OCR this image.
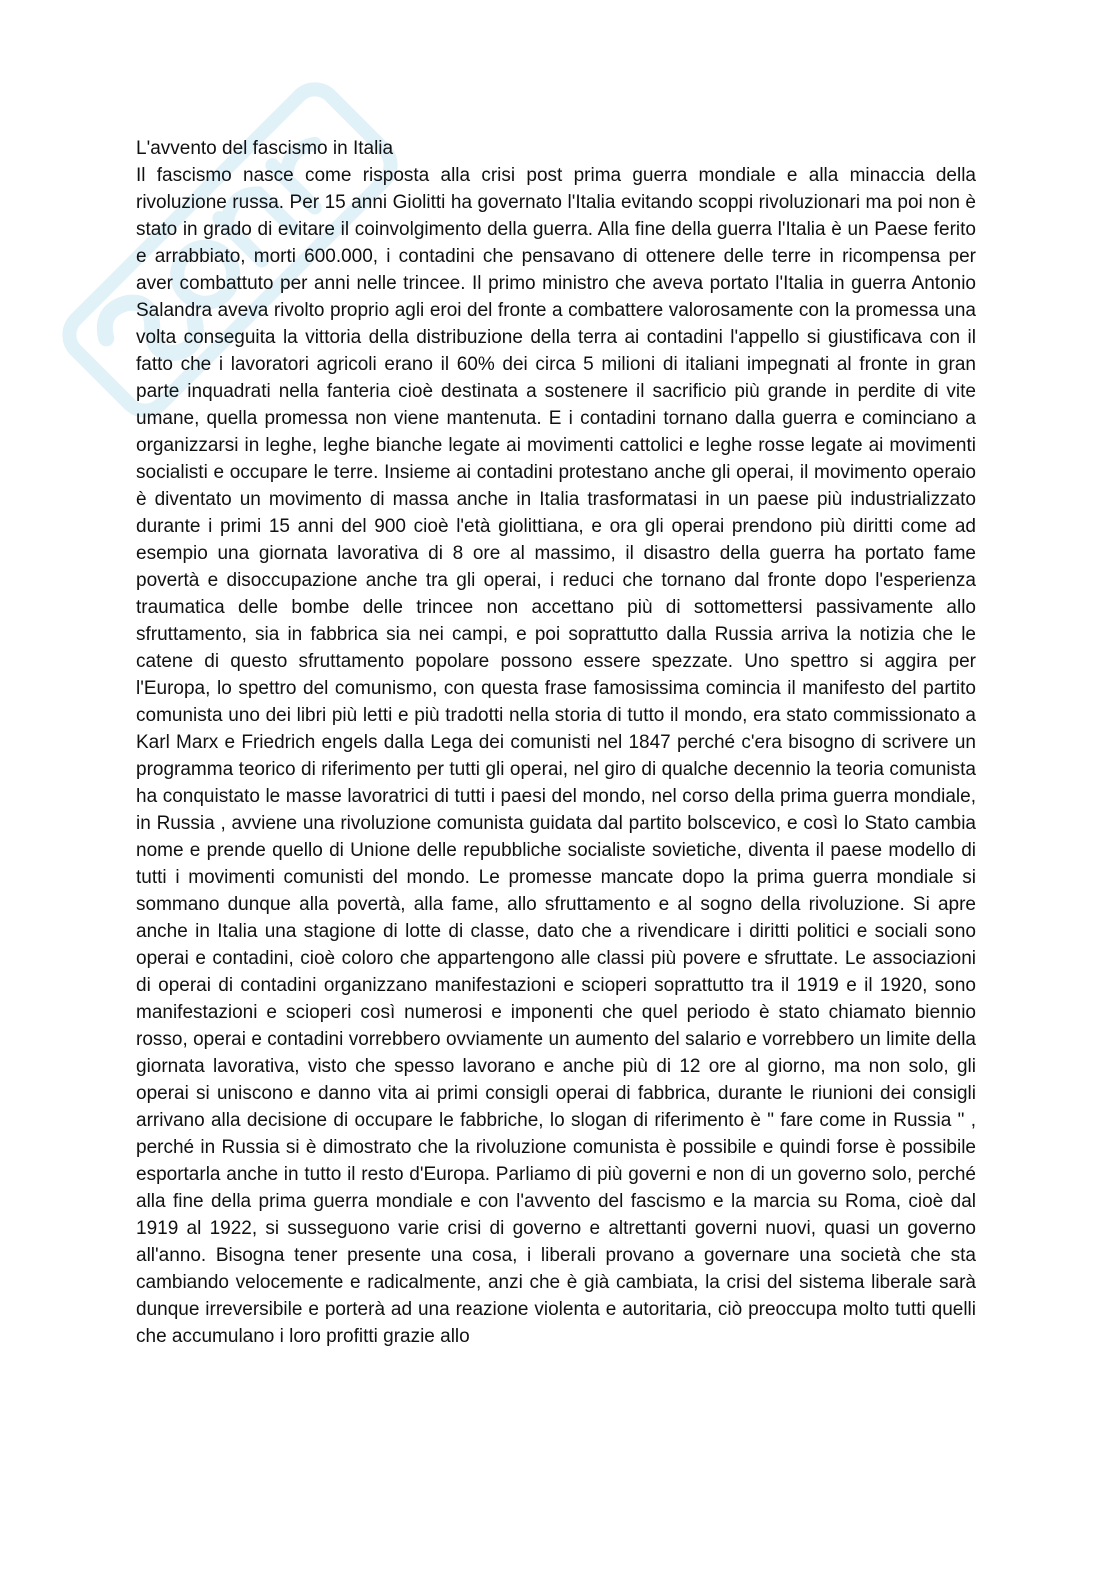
L'avvento del fascismo in Italia

Il fascismo nasce come risposta alla crisi post prima guerra mondiale e alla minaccia della rivoluzione russa. Per 15 anni Giolitti ha governato l'Italia evitando scoppi rivoluzionari ma poi non è stato in grado di evitare il coinvolgimento della guerra. Alla fine della guerra l'Italia è un Paese ferito e arrabbiato, morti 600.000, i contadini che pensavano di ottenere delle terre in ricompensa per aver combattuto per anni nelle trincee. Il primo ministro che aveva portato l'Italia in guerra Antonio Salandra aveva rivolto proprio agli eroi del fronte a combattere valorosamente con la promessa una volta conseguita la vittoria della distribuzione della terra ai contadini l'appello si giustificava con il fatto che i lavoratori agricoli erano il 60% dei circa 5 milioni di italiani impegnati al fronte in gran parte inquadrati nella fanteria cioè destinata a sostenere il sacrificio più grande in perdite di vite umane, quella promessa non viene mantenuta. E i contadini tornano dalla guerra e cominciano a organizzarsi in leghe, leghe bianche legate ai movimenti cattolici e leghe rosse legate ai movimenti socialisti e occupare le terre. Insieme ai contadini protestano anche gli operai, il movimento operaio è diventato un movimento di massa anche in Italia trasformatasi in un paese più industrializzato durante i primi 15 anni del 900 cioè l'età giolittiana, e ora gli operai prendono più diritti come ad esempio una giornata lavorativa di 8 ore al massimo, il disastro della guerra ha portato fame povertà e disoccupazione anche tra gli operai, i reduci che tornano dal fronte dopo l'esperienza traumatica delle bombe delle trincee non accettano più di sottomettersi passivamente allo sfruttamento, sia in fabbrica sia nei campi, e poi soprattutto dalla Russia arriva la notizia che le catene di questo sfruttamento popolare possono essere spezzate. Uno spettro si aggira per l'Europa, lo spettro del comunismo, con questa frase famosissima comincia il manifesto del partito comunista uno dei libri più letti e più tradotti nella storia di tutto il mondo, era stato commissionato a Karl Marx e Friedrich engels dalla Lega dei comunisti nel 1847 perché c'era bisogno di scrivere un programma teorico di riferimento per tutti gli operai, nel giro di qualche decennio la teoria comunista ha conquistato le masse lavoratrici di tutti i paesi del mondo, nel corso della prima guerra mondiale, in Russia , avviene una rivoluzione comunista guidata dal partito bolscevico, e così lo Stato cambia nome e prende quello di Unione delle repubbliche socialiste sovietiche, diventa il paese modello di tutti i movimenti comunisti del mondo. Le promesse mancate dopo la prima guerra mondiale si sommano dunque alla povertà, alla fame, allo sfruttamento e al sogno della rivoluzione. Si apre anche in Italia una stagione di lotte di classe, dato che a rivendicare i diritti politici e sociali sono operai e contadini, cioè coloro che appartengono alle classi più povere e sfruttate. Le associazioni di operai di contadini organizzano manifestazioni e scioperi soprattutto tra il 1919 e il 1920, sono manifestazioni e scioperi così numerosi e imponenti che quel periodo è stato chiamato biennio rosso, operai e contadini vorrebbero ovviamente un aumento del salario e vorrebbero un limite della giornata lavorativa, visto che spesso lavorano e anche più di 12 ore al giorno, ma non solo, gli operai si uniscono e danno vita ai primi consigli operai di fabbrica, durante le riunioni dei consigli arrivano alla decisione di occupare le fabbriche, lo slogan di riferimento è " fare come in Russia " , perché in Russia si è dimostrato che la rivoluzione comunista è possibile e quindi forse è possibile esportarla anche in tutto il resto d'Europa. Parliamo di più governi e non di un governo solo, perché alla fine della prima guerra mondiale e con l'avvento del fascismo e la marcia su Roma, cioè dal 1919 al 1922, si susseguono varie crisi di governo e altrettanti governi nuovi, quasi un governo all'anno. Bisogna tener presente una cosa, i liberali provano a governare una società che sta cambiando velocemente e radicalmente, anzi che è già cambiata, la crisi del sistema liberale sarà dunque irreversibile e porterà ad una reazione violenta e autoritaria, ciò preoccupa molto tutti quelli che accumulano i loro profitti grazie allo
